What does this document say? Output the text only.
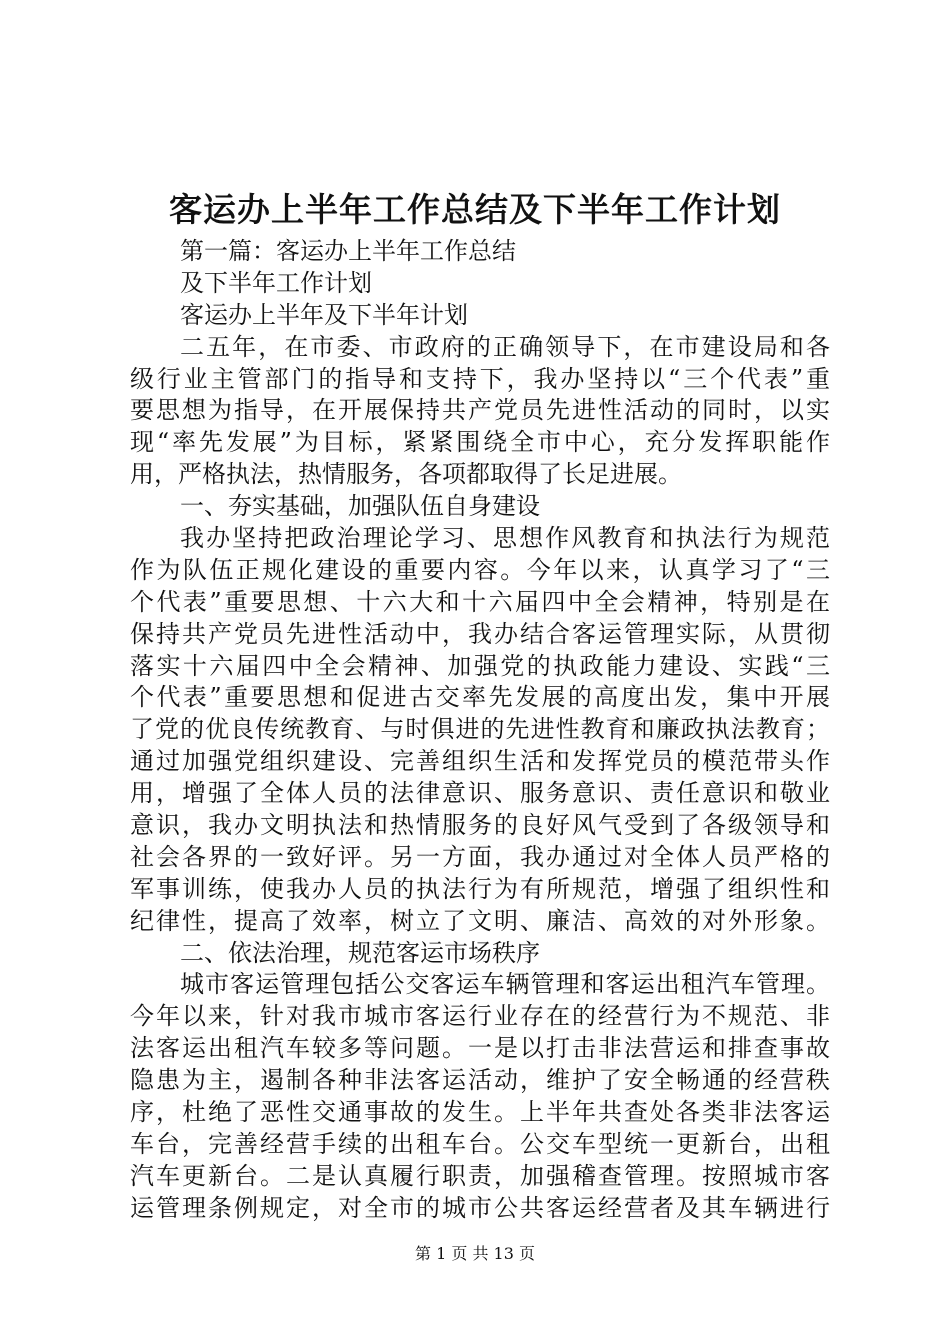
客运办上半年工作总结及下半年工作计划
第一篇：客运办上半年工作总结
及下半年工作计划
客运办上半年及下半年计划
二五年，在市委、市政府的正确领导下，在市建设局和各
级行业主管部门的指导和支持下，我办坚持以“三个代表”重
要思想为指导，在开展保持共产党员先进性活动的同时，以实
现“率先发展”为目标，紧紧围绕全市中心，充分发挥职能作
用，严格执法，热情服务，各项都取得了长足进展。
一、夯实基础，加强队伍自身建设
我办坚持把政治理论学习、思想作风教育和执法行为规范
作为队伍正规化建设的重要内容。今年以来，认真学习了“三
个代表”重要思想、十六大和十六届四中全会精神，特别是在
保持共产党员先进性活动中，我办结合客运管理实际，从贯彻
落实十六届四中全会精神、加强党的执政能力建设、实践“三
个代表”重要思想和促进古交率先发展的高度出发，集中开展
了党的优良传统教育、与时俱进的先进性教育和廉政执法教育；
通过加强党组织建设、完善组织生活和发挥党员的模范带头作
用，增强了全体人员的法律意识、服务意识、责任意识和敬业
意识，我办文明执法和热情服务的良好风气受到了各级领导和
社会各界的一致好评。另一方面，我办通过对全体人员严格的
军事训练，使我办人员的执法行为有所规范，增强了组织性和
纪律性，提高了效率，树立了文明、廉洁、高效的对外形象。
二、依法治理，规范客运市场秩序
城市客运管理包括公交客运车辆管理和客运出租汽车管理。
今年以来，针对我市城市客运行业存在的经营行为不规范、非
法客运出租汽车较多等问题。一是以打击非法营运和排查事故
隐患为主，遏制各种非法客运活动，维护了安全畅通的经营秩
序，杜绝了恶性交通事故的发生。上半年共查处各类非法客运
车台，完善经营手续的出租车台。公交车型统一更新台，出租
汽车更新台。二是认真履行职责，加强稽查管理。按照城市客
运管理条例规定，对全市的城市公共客运经营者及其车辆进行
第 1 页 共 13 页
